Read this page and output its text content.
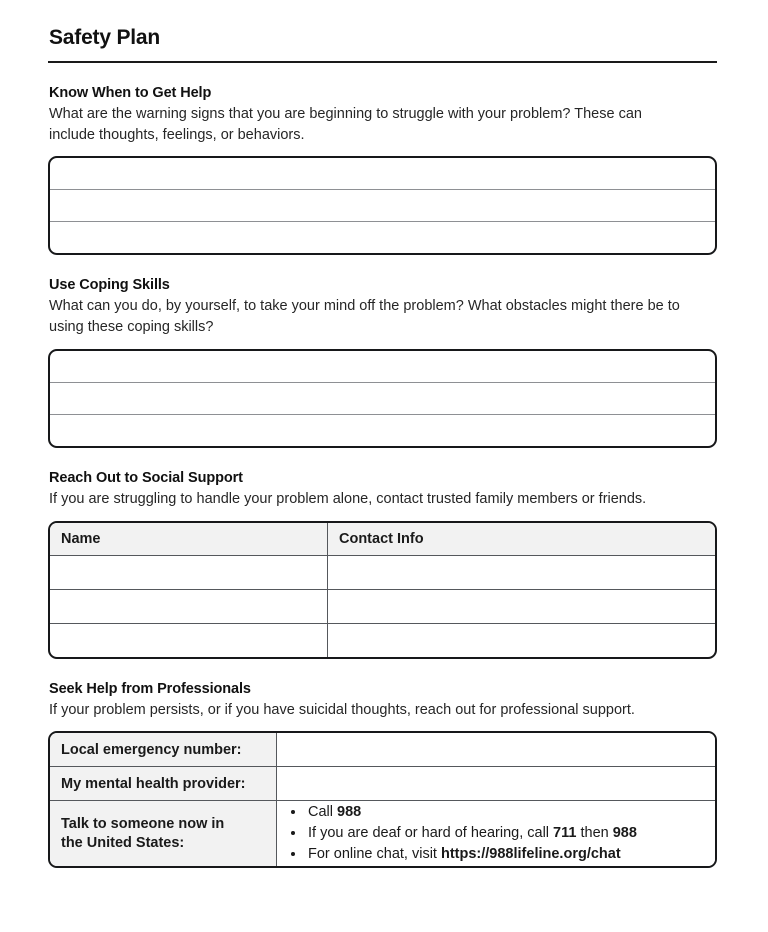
Safety Plan
Know When to Get Help
What are the warning signs that you are beginning to struggle with your problem? These can include thoughts, feelings, or behaviors.
Use Coping Skills
What can you do, by yourself, to take your mind off the problem? What obstacles might there be to using these coping skills?
Reach Out to Social Support
If you are struggling to handle your problem alone, contact trusted family members or friends.
Name	Contact Info
Seek Help from Professionals
If your problem persists, or if you have suicidal thoughts, reach out for professional support.
Local emergency number:
My mental health provider:
Talk to someone now in the United States:
• Call 988
• If you are deaf or hard of hearing, call 711 then 988
• For online chat, visit https://988lifeline.org/chat
